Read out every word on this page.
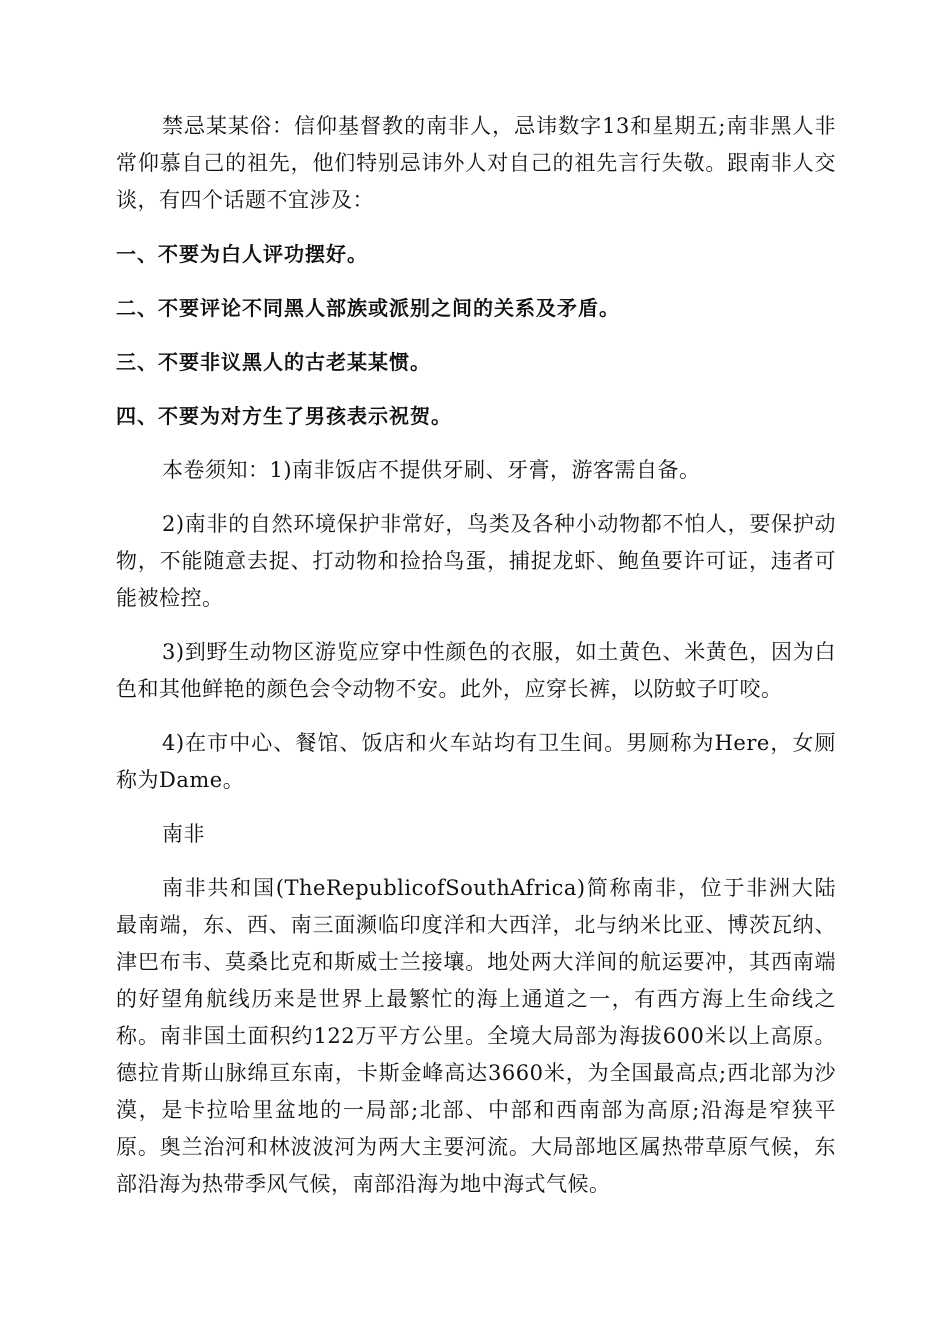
禁忌某某俗：信仰基督教的南非人，忌讳数字13和星期五;南非黑人非常仰慕自己的祖先，他们特别忌讳外人对自己的祖先言行失敬。跟南非人交谈，有四个话题不宜涉及：

一、不要为白人评功摆好。

二、不要评论不同黑人部族或派别之间的关系及矛盾。

三、不要非议黑人的古老某某惯。

四、不要为对方生了男孩表示祝贺。

本卷须知：1)南非饭店不提供牙刷、牙膏，游客需自备。

2)南非的自然环境保护非常好，鸟类及各种小动物都不怕人，要保护动物，不能随意去捉、打动物和捡拾鸟蛋，捕捉龙虾、鲍鱼要许可证，违者可能被检控。

3)到野生动物区游览应穿中性颜色的衣服，如土黄色、米黄色，因为白色和其他鲜艳的颜色会令动物不安。此外，应穿长裤，以防蚊子叮咬。

4)在市中心、餐馆、饭店和火车站均有卫生间。男厕称为Here，女厕称为Dame。

南非

南非共和国(TheRepublicofSouthAfrica)简称南非，位于非洲大陆最南端，东、西、南三面濒临印度洋和大西洋，北与纳米比亚、博茨瓦纳、津巴布韦、莫桑比克和斯威士兰接壤。地处两大洋间的航运要冲，其西南端的好望角航线历来是世界上最繁忙的海上通道之一，有西方海上生命线之称。南非国土面积约122万平方公里。全境大局部为海拔600米以上高原。德拉肯斯山脉绵亘东南，卡斯金峰高达3660米，为全国最高点;西北部为沙漠，是卡拉哈里盆地的一局部;北部、中部和西南部为高原;沿海是窄狭平原。奥兰治河和林波波河为两大主要河流。大局部地区属热带草原气候，东部沿海为热带季风气候，南部沿海为地中海式气候。
